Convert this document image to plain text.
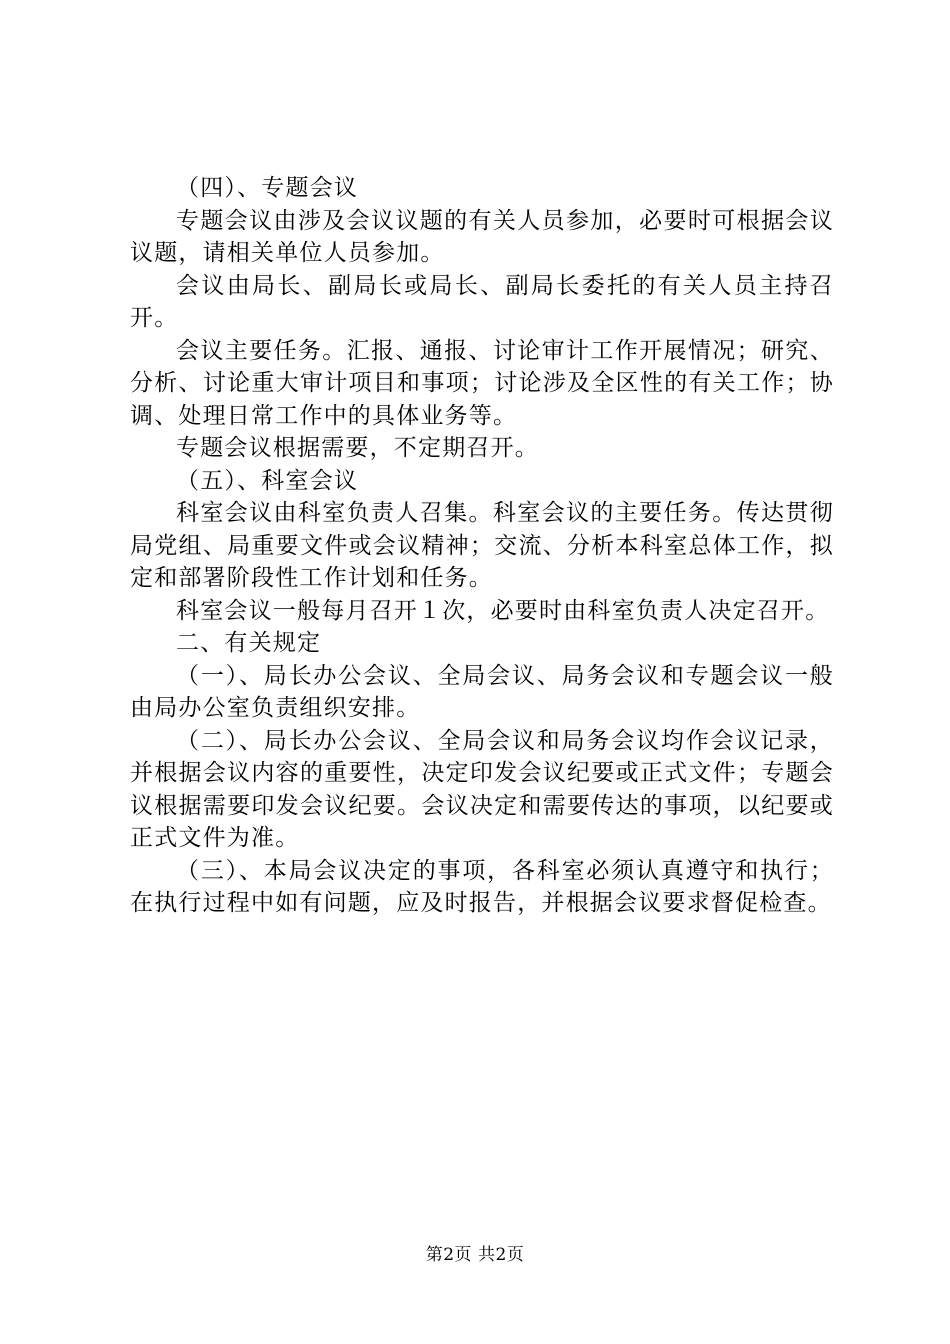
（四）、专题会议

专题会议由涉及会议议题的有关人员参加，必要时可根据会议议题，请相关单位人员参加。

会议由局长、副局长或局长、副局长委托的有关人员主持召开。

会议主要任务。汇报、通报、讨论审计工作开展情况；研究、分析、讨论重大审计项目和事项；讨论涉及全区性的有关工作；协调、处理日常工作中的具体业务等。

专题会议根据需要，不定期召开。

（五）、科室会议

科室会议由科室负责人召集。科室会议的主要任务。传达贯彻局党组、局重要文件或会议精神；交流、分析本科室总体工作，拟定和部署阶段性工作计划和任务。

科室会议一般每月召开１次，必要时由科室负责人决定召开。

二、有关规定

（一）、局长办公会议、全局会议、局务会议和专题会议一般由局办公室负责组织安排。

（二）、局长办公会议、全局会议和局务会议均作会议记录，并根据会议内容的重要性，决定印发会议纪要或正式文件；专题会议根据需要印发会议纪要。会议决定和需要传达的事项，以纪要或正式文件为准。

（三）、本局会议决定的事项，各科室必须认真遵守和执行；在执行过程中如有问题，应及时报告，并根据会议要求督促检查。

第2页 共2页
